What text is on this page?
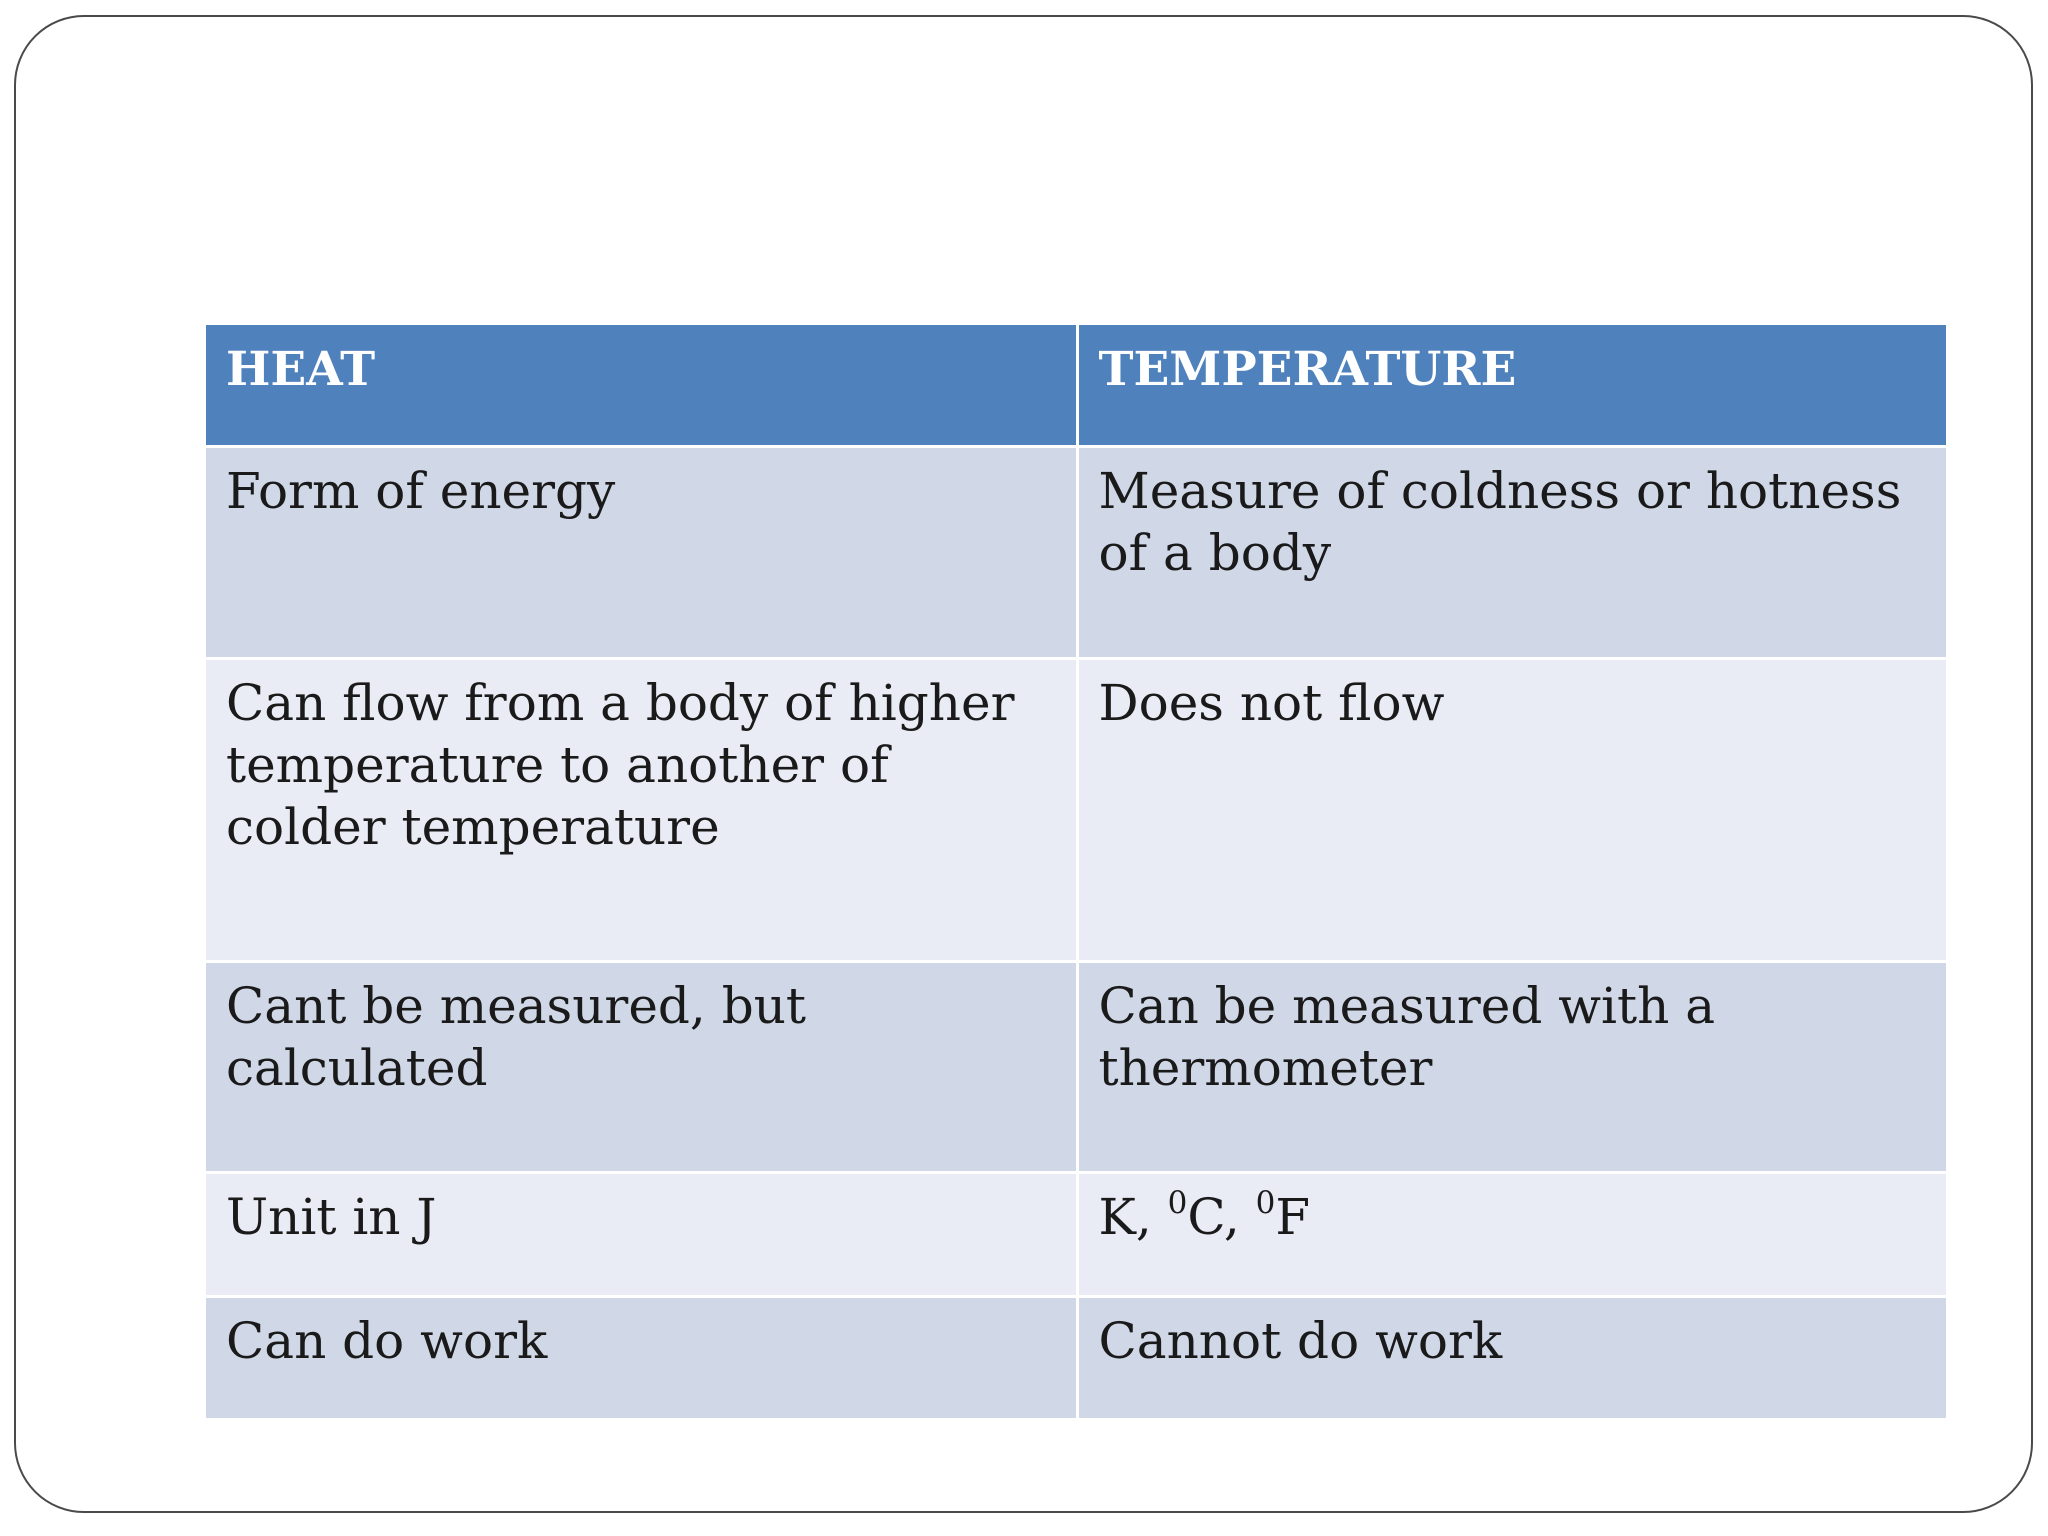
HEAT	TEMPERATURE
Form of energy	Measure of coldness or hotness of a body
Can flow from a body of higher temperature to another of colder temperature	Does not flow
Cant be measured, but calculated	Can be measured with a thermometer
Unit in J	K, $^0$C, $^0$F
Can do work	Cannot do work
